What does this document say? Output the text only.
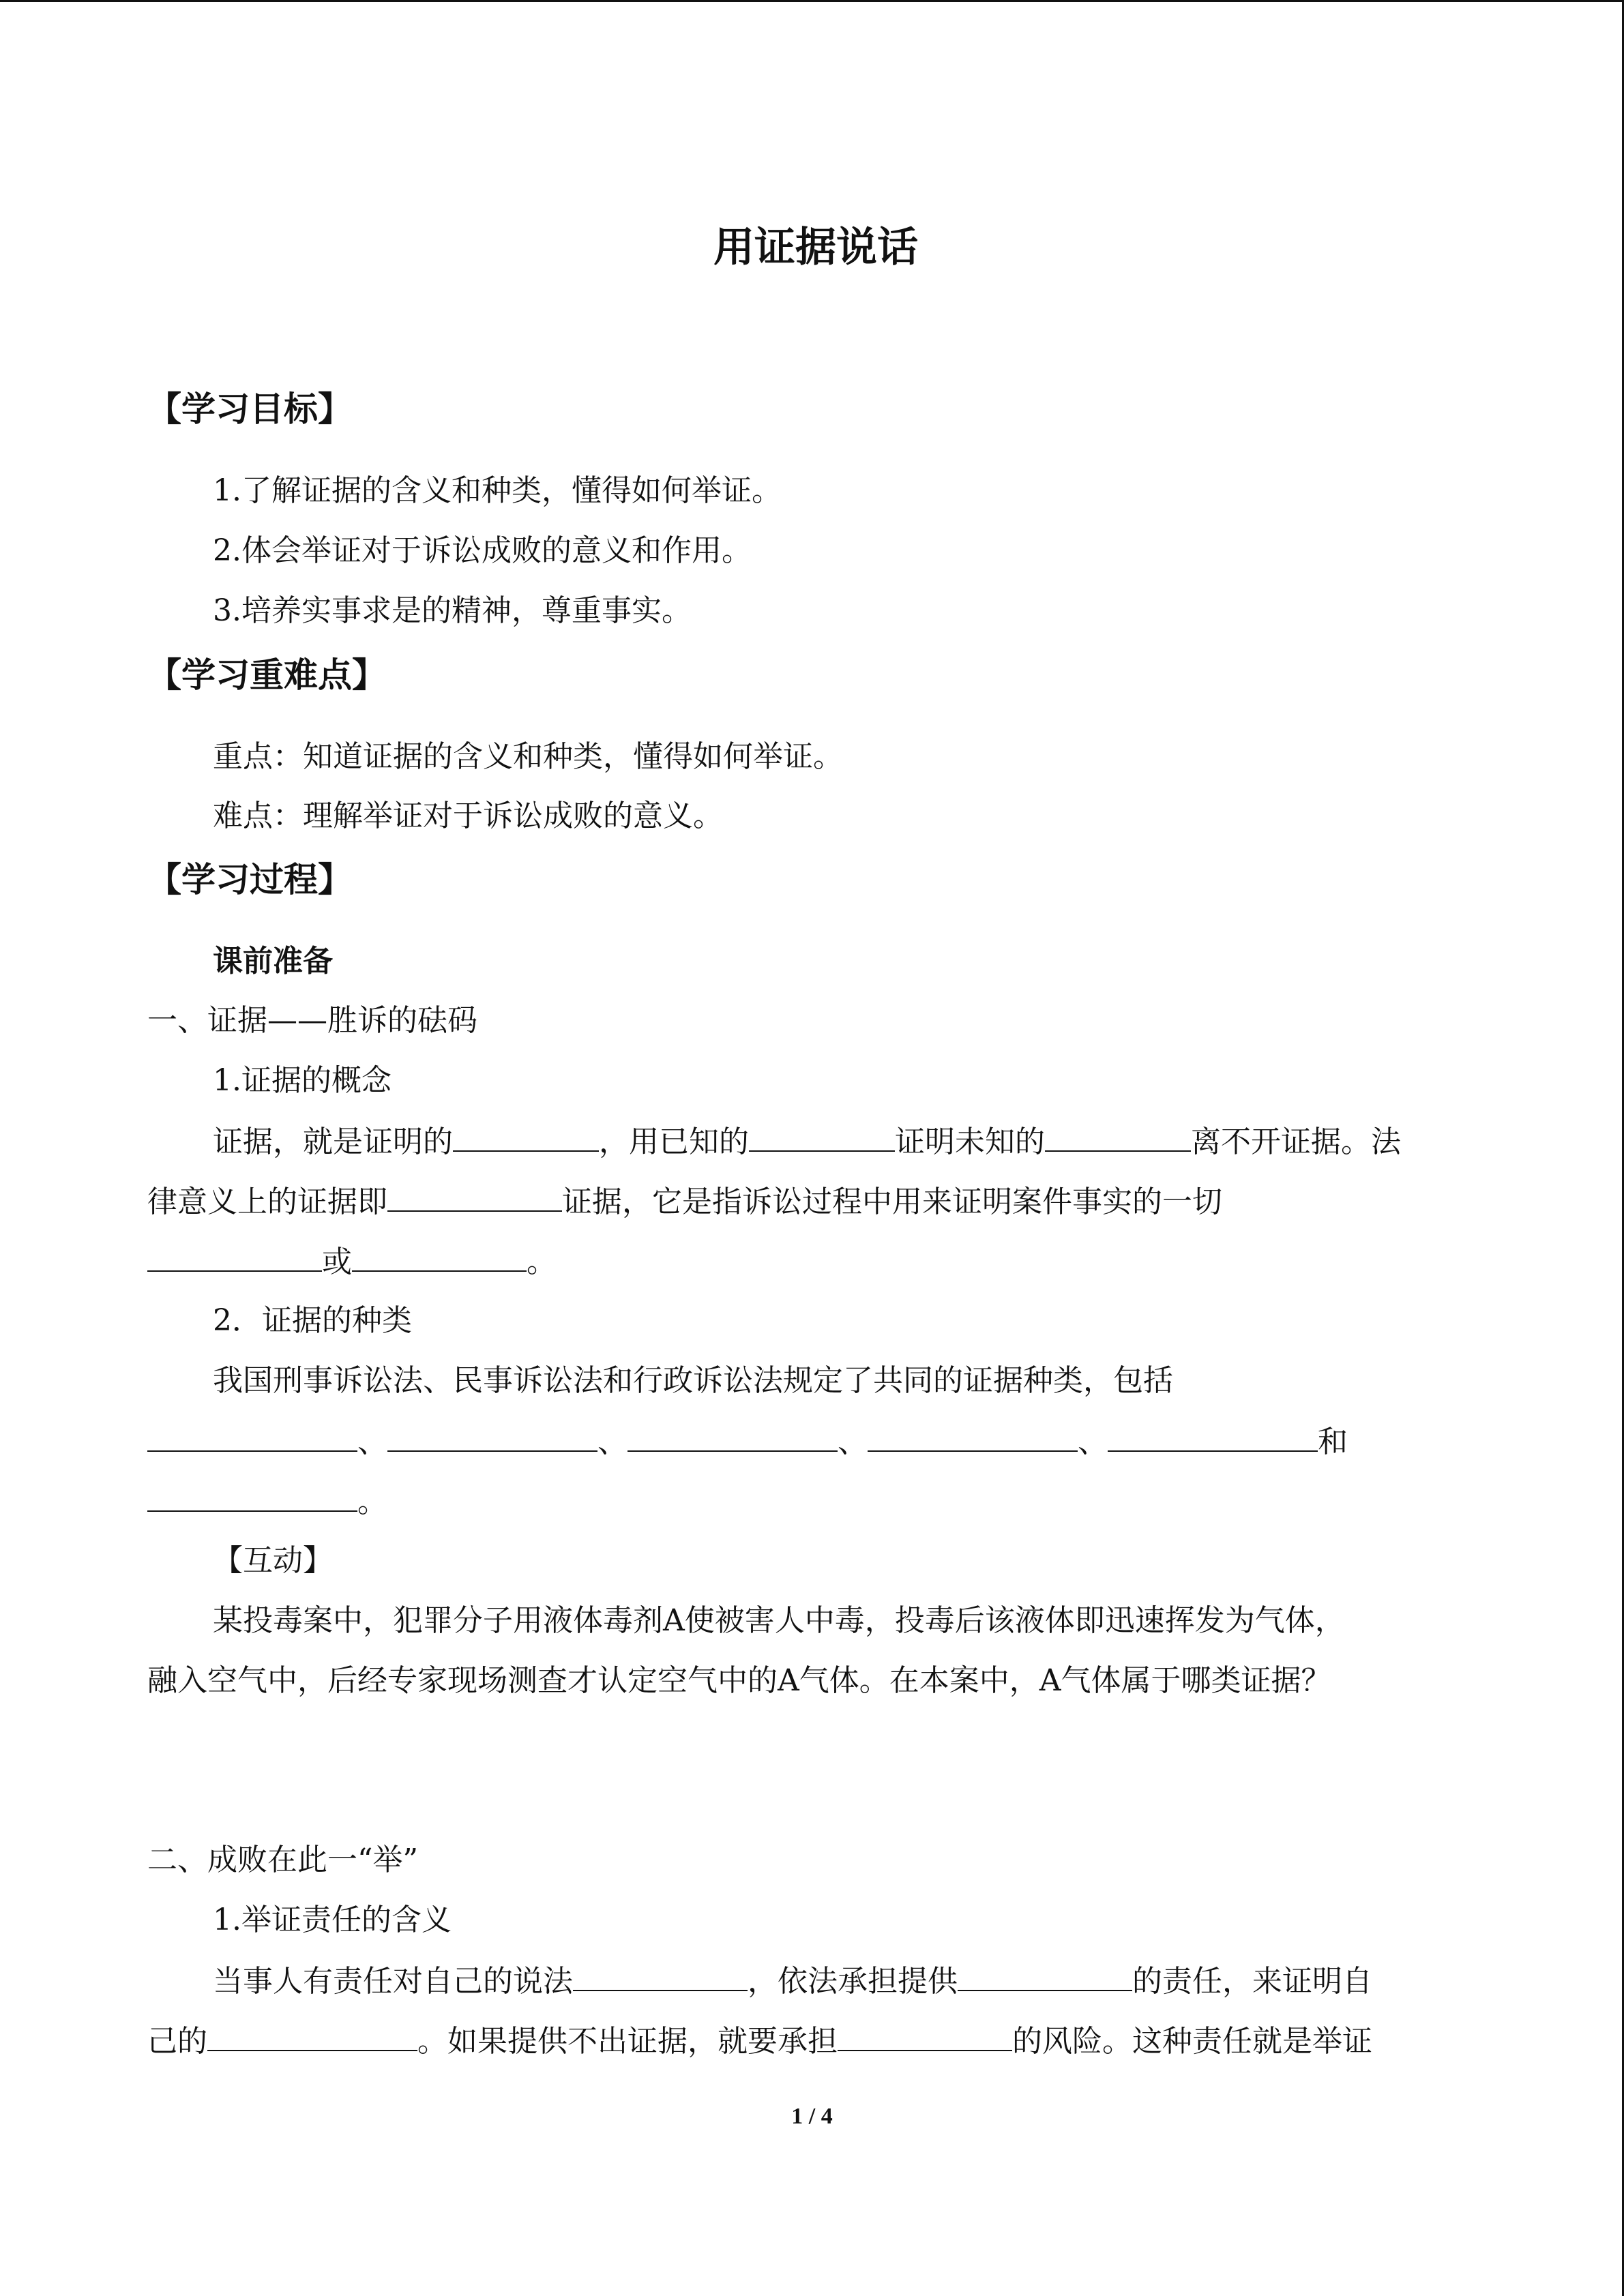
用证据说话
【学习目标】
1.了解证据的含义和种类，懂得如何举证。
2.体会举证对于诉讼成败的意义和作用。
3.培养实事求是的精神，尊重事实。
【学习重难点】
重点：知道证据的含义和种类，懂得如何举证。
难点：理解举证对于诉讼成败的意义。
【学习过程】
课前准备
一、证据——胜诉的砝码
1.证据的概念
证据，就是证明的	，用已知的	证明未知的	离不开证据。法
律意义上的证据即	证据，它是指诉讼过程中用来证明案件事实的一切
或	。
2．证据的种类
我国刑事诉讼法、民事诉讼法和行政诉讼法规定了共同的证据种类，包括
、	、	、	、	和
。
【互动】
某投毒案中，犯罪分子用液体毒剂A使被害人中毒，投毒后该液体即迅速挥发为气体，
融入空气中，后经专家现场测查才认定空气中的A气体。在本案中，A气体属于哪类证据？
二、成败在此一“举”
1.举证责任的含义
当事人有责任对自己的说法	，依法承担提供	的责任，来证明自
己的	。如果提供不出证据，就要承担	的风险。这种责任就是举证
1 / 4
